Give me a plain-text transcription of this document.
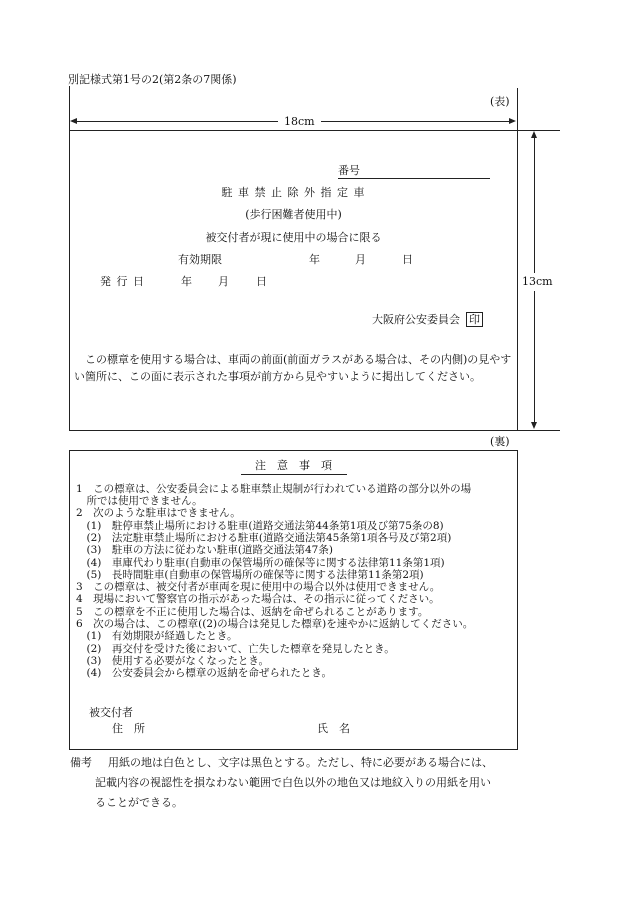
別記様式第1号の2(第2条の7関係)
(表)
18cm
13cm
番号
駐 車 禁 止 除 外 指 定 車
(歩行困難者使用中)
被交付者が現に使用中の場合に限る
有効期限	年	月	日
発 行 日	年 月 日
大阪府公安委員会 印
この標章を使用する場合は、車両の前面(前面ガラスがある場合は、その内側)の見やすい箇所に、この面に表示された事項が前方から見やすいように掲出してください。
(裏)
注　意　事　項
1　この標章は、公安委員会による駐車禁止規制が行われている道路の部分以外の場
　所では使用できません。
2　次のような駐車はできません。
　(1)　駐停車禁止場所における駐車(道路交通法第44条第1項及び第75条の8)
　(2)　法定駐車禁止場所における駐車(道路交通法第45条第1項各号及び第2項)
　(3)　駐車の方法に従わない駐車(道路交通法第47条)
　(4)　車庫代わり駐車(自動車の保管場所の確保等に関する法律第11条第1項)
　(5)　長時間駐車(自動車の保管場所の確保等に関する法律第11条第2項)
3　この標章は、被交付者が車両を現に使用中の場合以外は使用できません。
4　現場において警察官の指示があった場合は、その指示に従ってください。
5　この標章を不正に使用した場合は、返納を命ぜられることがあります。
6　次の場合は、この標章((2)の場合は発見した標章)を速やかに返納してください。
　(1)　有効期限が経過したとき。
　(2)　再交付を受けた後において、亡失した標章を発見したとき。
　(3)　使用する必要がなくなったとき。
　(4)　公安委員会から標章の返納を命ぜられたとき。
被交付者
住　所	氏　名
備考 用紙の地は白色とし、文字は黒色とする。ただし、特に必要がある場合には、
記載内容の視認性を損なわない範囲で白色以外の地色又は地紋入りの用紙を用い
ることができる。
